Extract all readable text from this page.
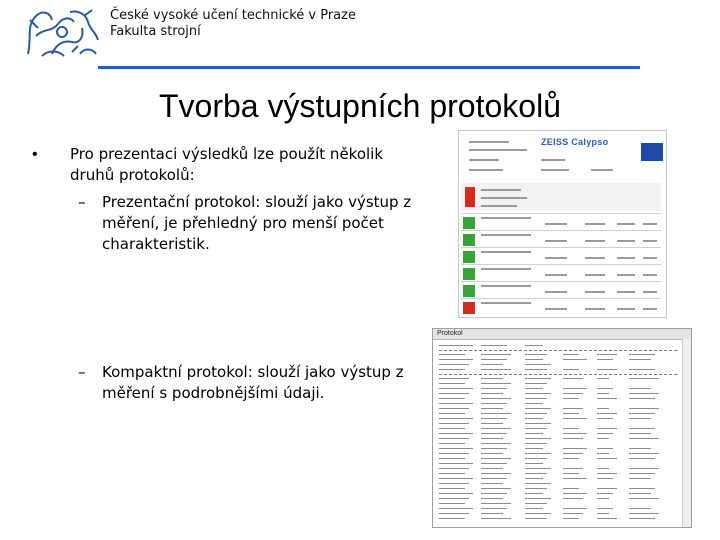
České vysoké učení technické v Praze
Fakulta strojní
Tvorba výstupních protokolů
• Pro prezentaci výsledků lze použít několik druhů protokolů:
– Prezentační protokol: slouží jako výstup z měření, je přehledný pro menší počet charakteristik.
– Kompaktní protokol: slouží jako výstup z měření s podrobnějšími údaji.
ZEISS Calypso
Protokol
